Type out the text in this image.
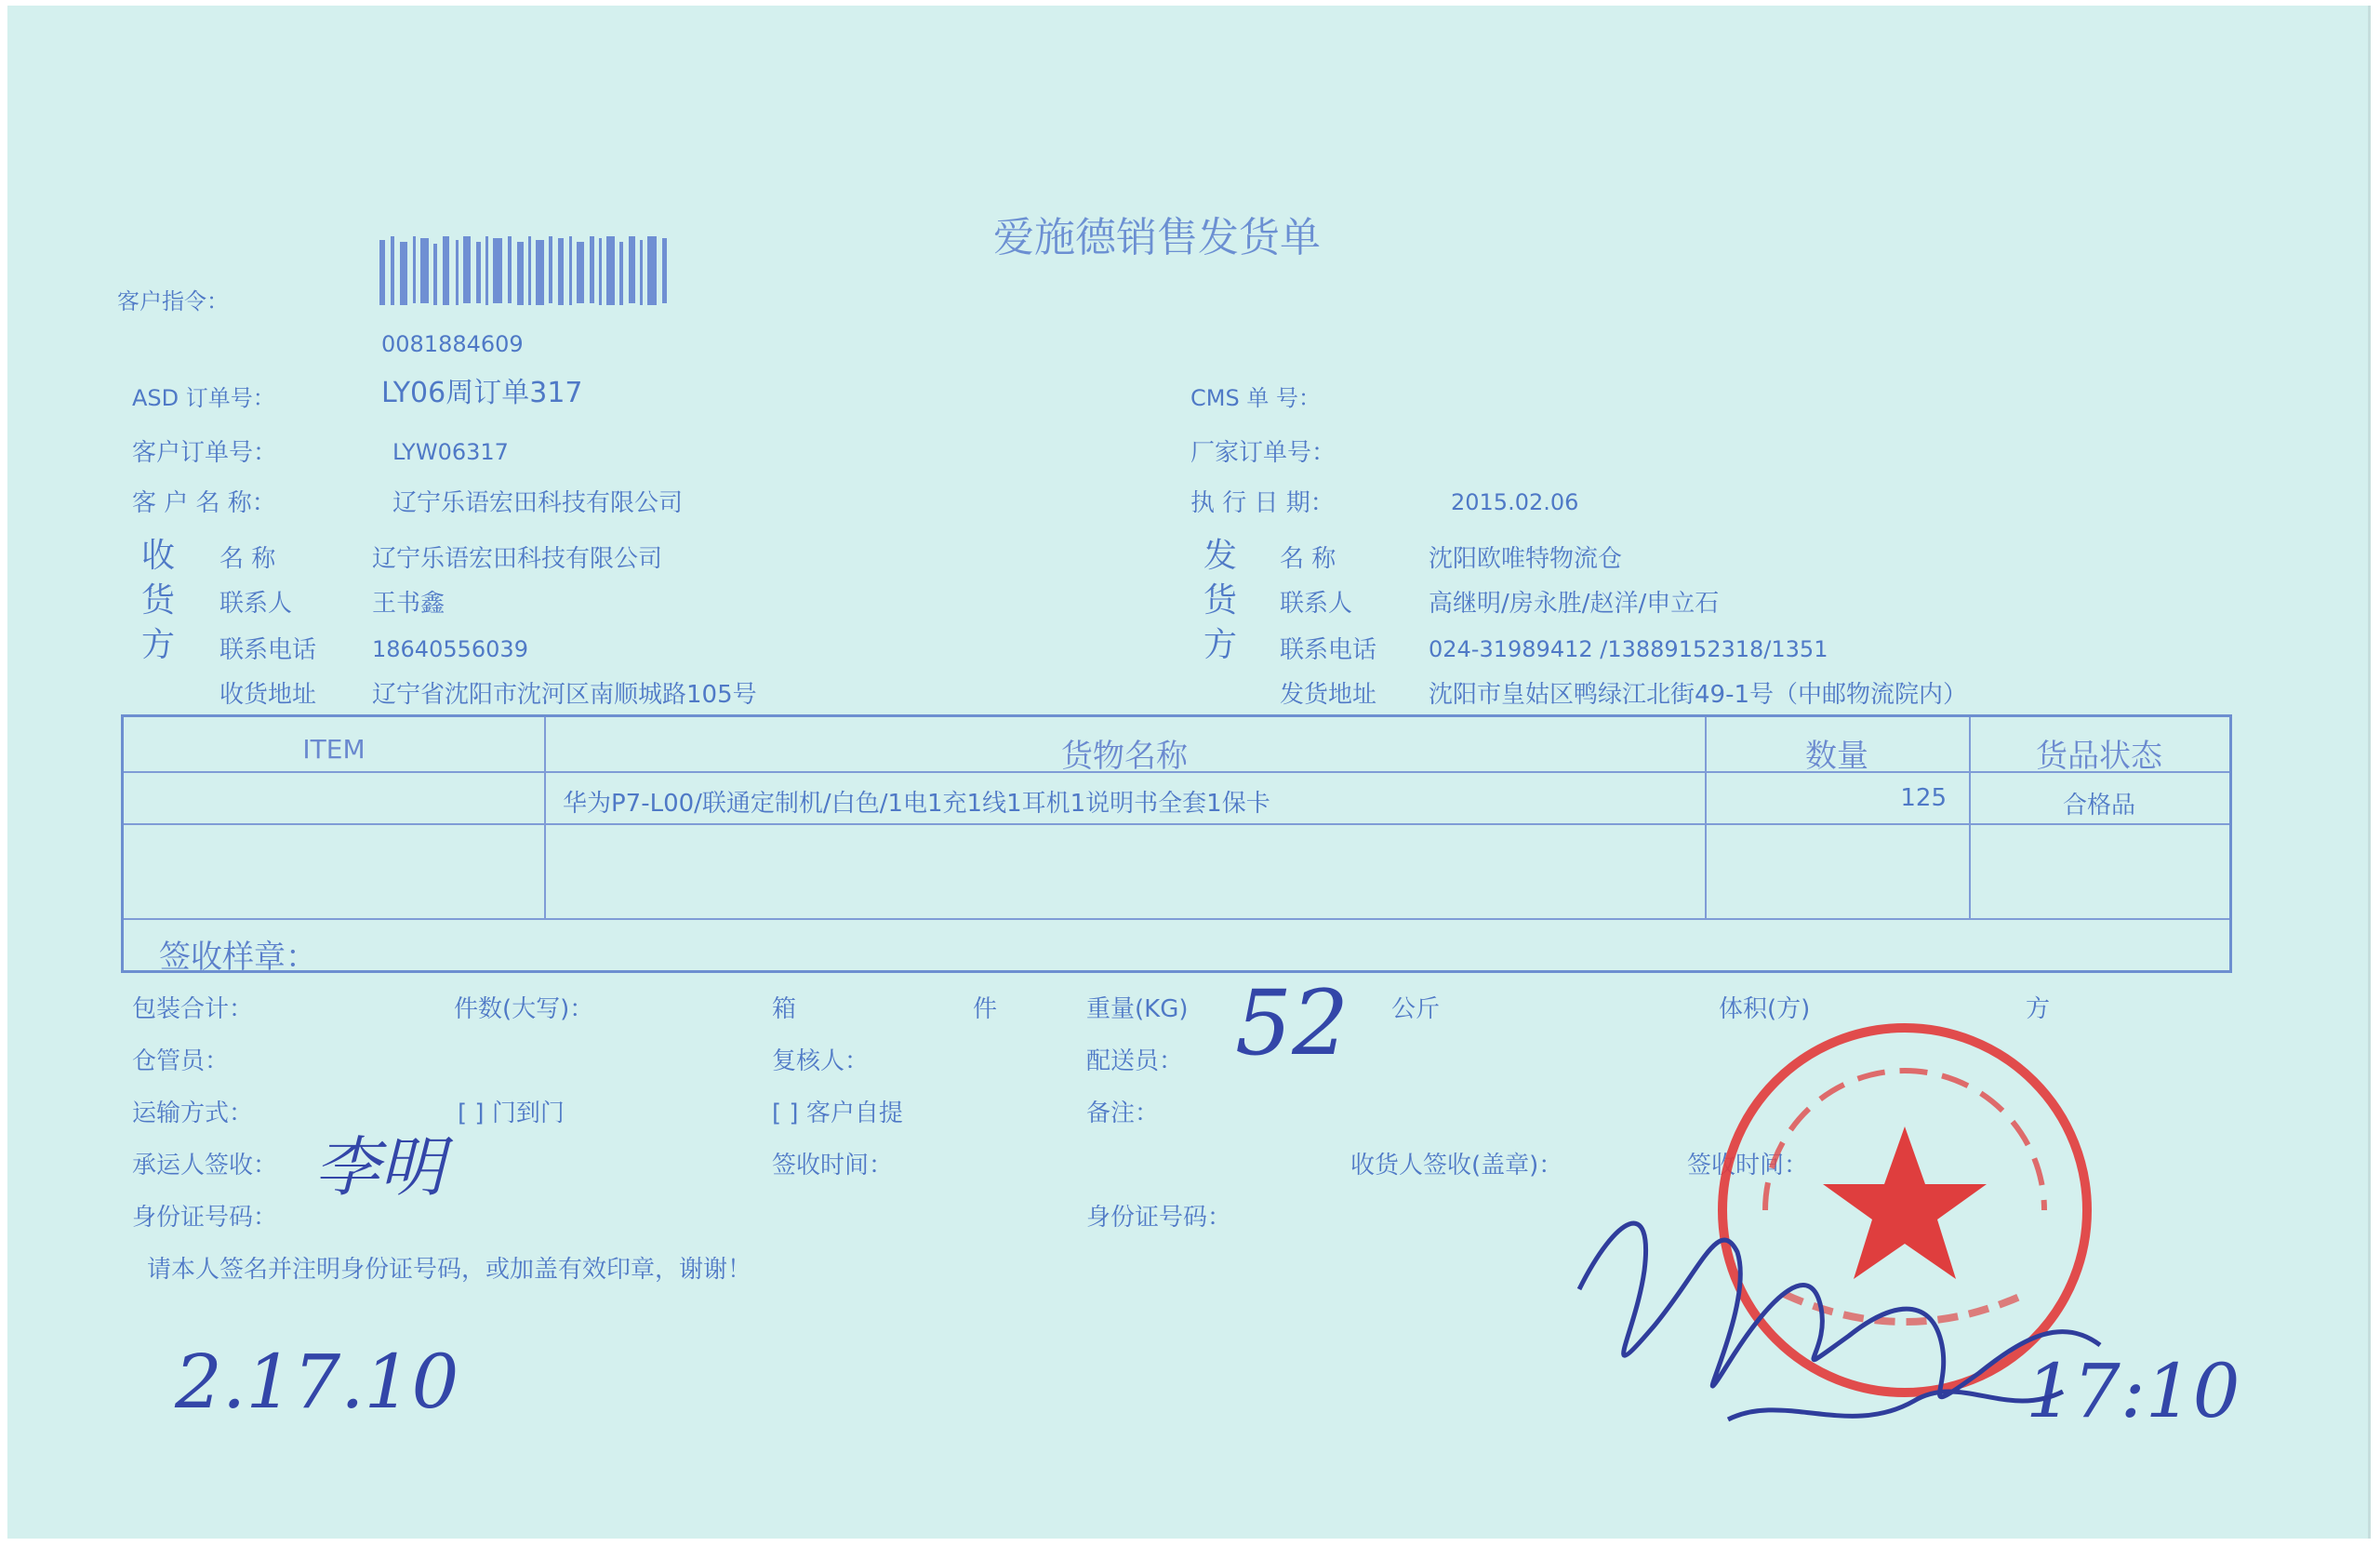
爱施德销售发货单
客户指令：
0081884609
ASD 订单号：	LY06周订单317	CMS 单 号：
客户订单号：	LYW06317	厂家订单号：
客 户 名 称：	辽宁乐语宏田科技有限公司	执 行 日 期：	2015.02.06
收
货
方
名 称	辽宁乐语宏田科技有限公司
联系人	王书鑫
联系电话 18640556039
收货地址 辽宁省沈阳市沈河区南顺城路105号
发
货
方
名 称	沈阳欧唯特物流仓
联系人	高继明/房永胜/赵洋/申立石
联系电话 024-31989412 /13889152318/1351
发货地址 沈阳市皇姑区鸭绿江北街49-1号（中邮物流院内）
ITEM	货物名称	数量	货品状态
华为P7-L00/联通定制机/白色/1电1充1线1耳机1说明书全套1保卡	125	合格品
签收样章：
包装合计：	件数(大写)：	箱	件	重量(KG) 52 公斤	体积(方)	方
仓管员：	复核人：	配送员：
运输方式：	[ ] 门到门	[ ] 客户自提	备注：
承运人签收：	签收时间：	收货人签收(盖章)：	签收时间：
身份证号码：	身份证号码：
请本人签名并注明身份证号码，或加盖有效印章，谢谢！
李明
2.17.10	17:10
